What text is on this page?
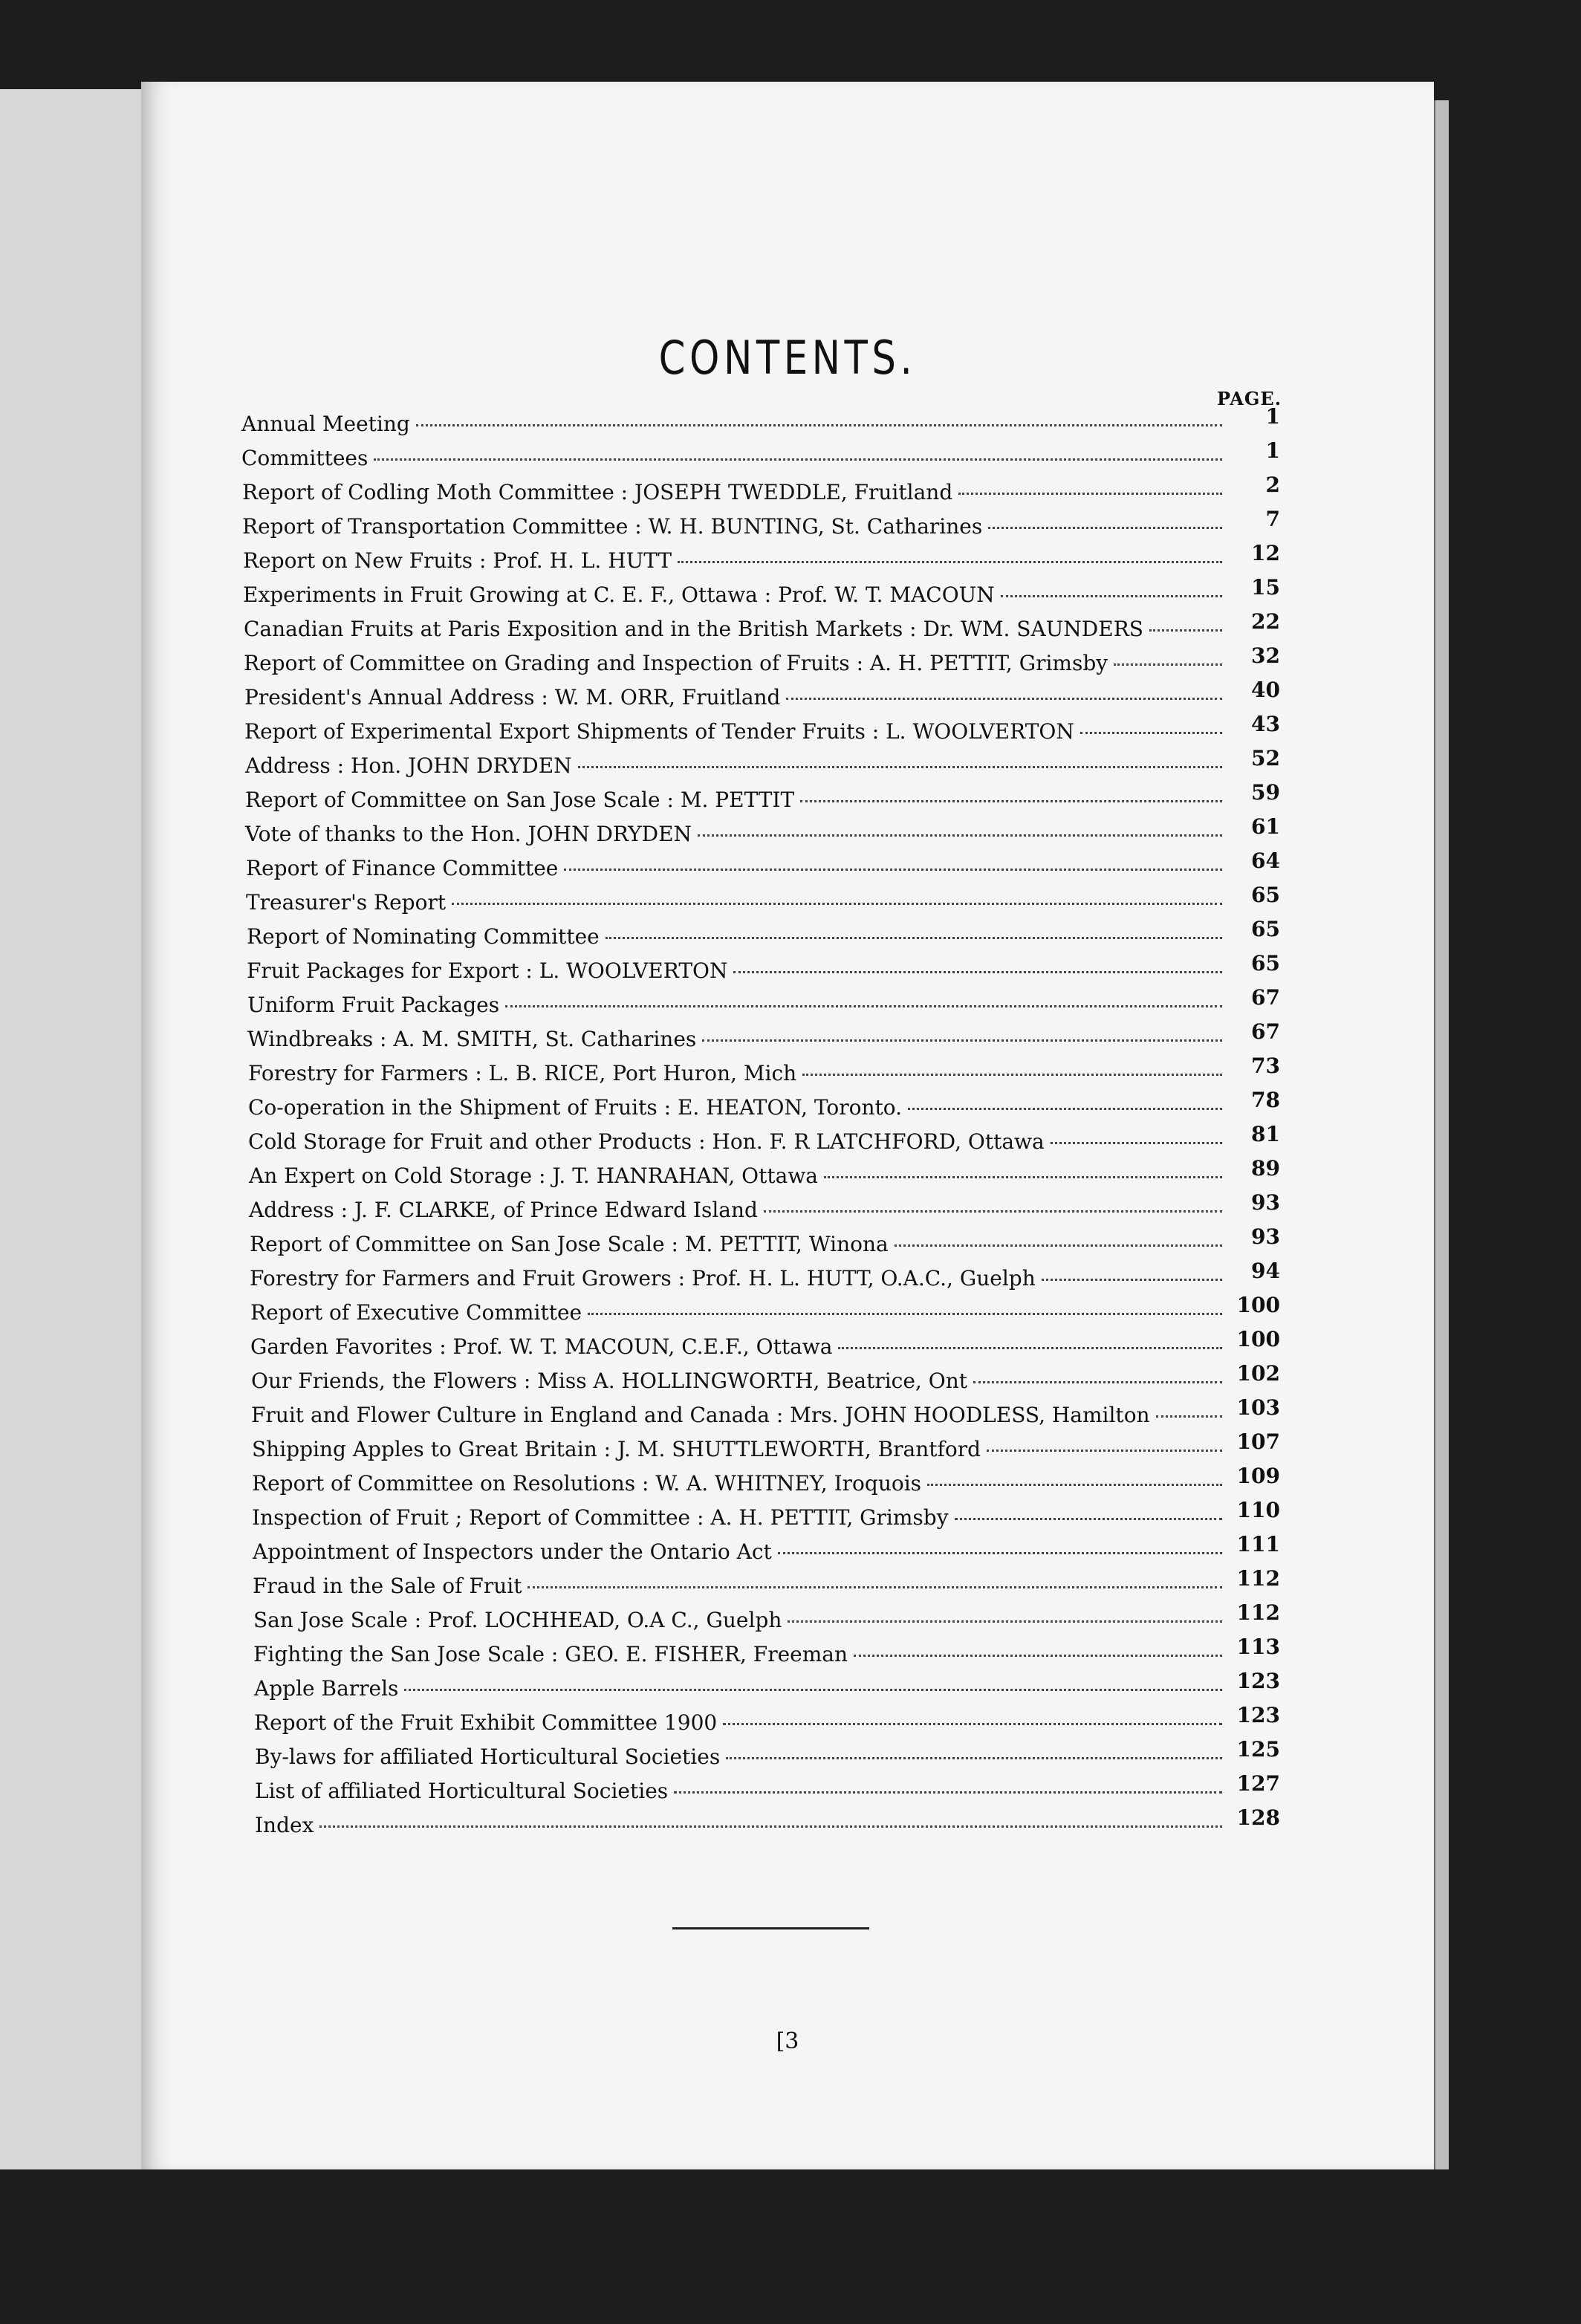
CONTENTS.
PAGE.
Annual Meeting	1
Committees	1
Report of Codling Moth Committee : JOSEPH TWEDDLE, Fruitland	2
Report of Transportation Committee : W. H. BUNTING, St. Catharines	7
Report on New Fruits : Prof. H. L. HUTT	12
Experiments in Fruit Growing at C. E. F., Ottawa : Prof. W. T. MACOUN	15
Canadian Fruits at Paris Exposition and in the British Markets : Dr. WM. SAUNDERS	22
Report of Committee on Grading and Inspection of Fruits : A. H. PETTIT, Grimsby	32
President's Annual Address : W. M. ORR, Fruitland	40
Report of Experimental Export Shipments of Tender Fruits : L. WOOLVERTON	43
Address : Hon. JOHN DRYDEN	52
Report of Committee on San Jose Scale : M. PETTIT	59
Vote of thanks to the Hon. JOHN DRYDEN	61
Report of Finance Committee	64
Treasurer's Report	65
Report of Nominating Committee	65
Fruit Packages for Export : L. WOOLVERTON	65
Uniform Fruit Packages	67
Windbreaks : A. M. SMITH, St. Catharines	67
Forestry for Farmers : L. B. RICE, Port Huron, Mich	73
Co-operation in the Shipment of Fruits : E. HEATON, Toronto.	78
Cold Storage for Fruit and other Products : Hon. F. R LATCHFORD, Ottawa	81
An Expert on Cold Storage : J. T. HANRAHAN, Ottawa	89
Address : J. F. CLARKE, of Prince Edward Island	93
Report of Committee on San Jose Scale : M. PETTIT, Winona	93
Forestry for Farmers and Fruit Growers : Prof. H. L. HUTT, O.A.C., Guelph	94
Report of Executive Committee	100
Garden Favorites : Prof. W. T. MACOUN, C.E.F., Ottawa	100
Our Friends, the Flowers : Miss A. HOLLINGWORTH, Beatrice, Ont	102
Fruit and Flower Culture in England and Canada : Mrs. JOHN HOODLESS, Hamilton	103
Shipping Apples to Great Britain : J. M. SHUTTLEWORTH, Brantford	107
Report of Committee on Resolutions : W. A. WHITNEY, Iroquois	109
Inspection of Fruit ; Report of Committee : A. H. PETTIT, Grimsby	110
Appointment of Inspectors under the Ontario Act	111
Fraud in the Sale of Fruit	112
San Jose Scale : Prof. LOCHHEAD, O.A C., Guelph	112
Fighting the San Jose Scale : GEO. E. FISHER, Freeman	113
Apple Barrels	123
Report of the Fruit Exhibit Committee 1900	123
By-laws for affiliated Horticultural Societies	125
List of affiliated Horticultural Societies	127
Index	128
[3
